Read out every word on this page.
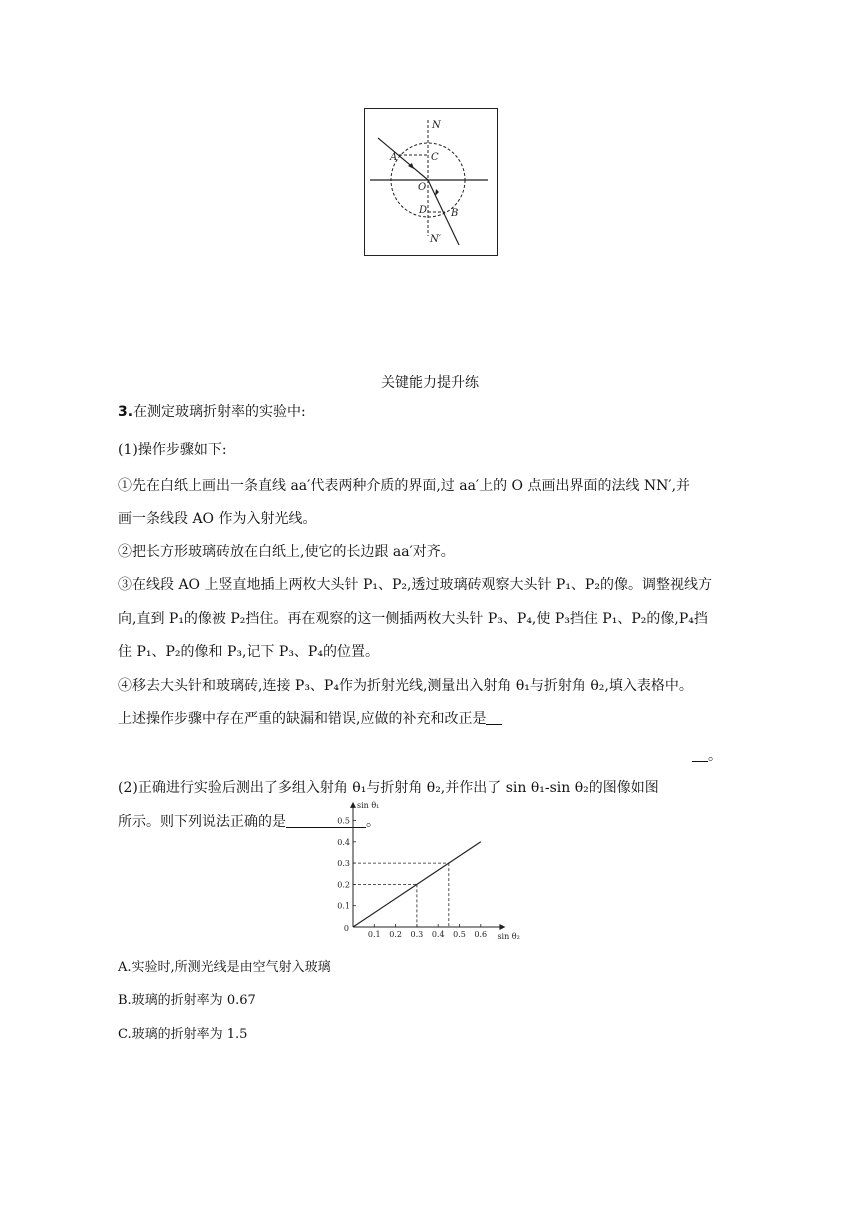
N
A	C
O
D B
N′
关键能力提升练
3.在测定玻璃折射率的实验中:
(1)操作步骤如下:
①先在白纸上画出一条直线 aa′代表两种介质的界面,过 aa′上的 O 点画出界面的法线 NN′,并
画一条线段 AO 作为入射光线。
②把长方形玻璃砖放在白纸上,使它的长边跟 aa′对齐。
③在线段 AO 上竖直地插上两枚大头针 P₁、P₂,透过玻璃砖观察大头针 P₁、P₂的像。调整视线方
向,直到 P₁的像被 P₂挡住。再在观察的这一侧插两枚大头针 P₃、P₄,使 P₃挡住 P₁、P₂的像,P₄挡
住 P₁、P₂的像和 P₃,记下 P₃、P₄的位置。
④移去大头针和玻璃砖,连接 P₃、P₄作为折射光线,测量出入射角 θ₁与折射角 θ₂,填入表格中。
上述操作步骤中存在严重的缺漏和错误,应做的补充和改正是
。
(2)正确进行实验后测出了多组入射角 θ₁与折射角 θ₂,并作出了 sin θ₁-sin θ₂的图像如图
所示。则下列说法正确的是	。
0.1 0.2 0.3 0.4 0.5 0.6
0.1
0.2
0.3
0.4
0.5
0
sin θ₂
sin θ₁
A.实验时,所测光线是由空气射入玻璃
B.玻璃的折射率为 0.67
C.玻璃的折射率为 1.5
